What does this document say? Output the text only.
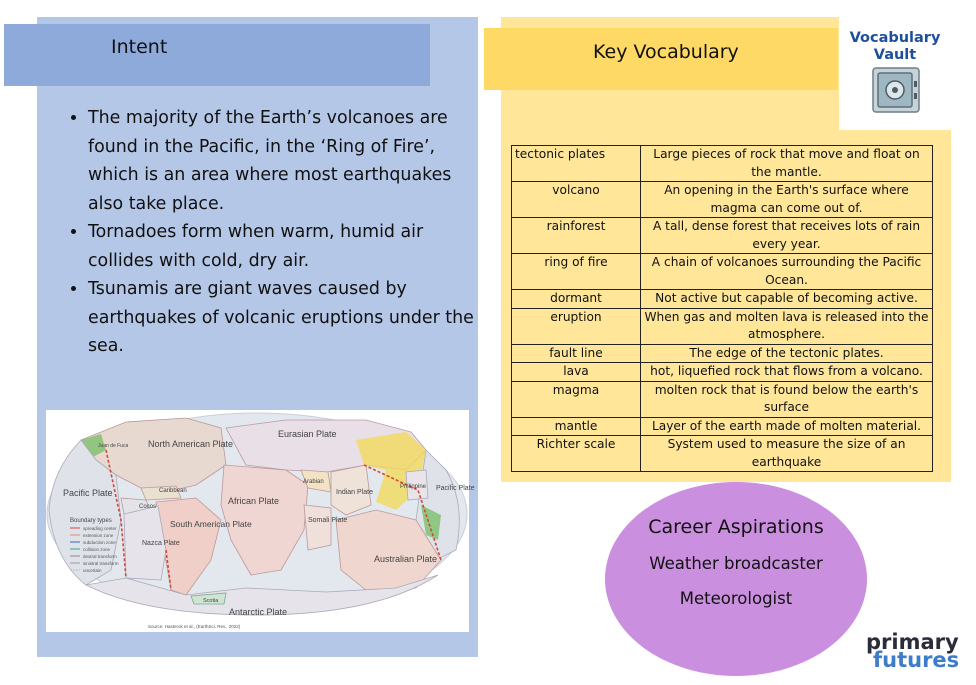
Intent
• The majority of the Earth’s volcanoes are found in the Pacific, in the ‘Ring of Fire’, which is an area where most earthquakes also take place.
• Tornadoes form when warm, humid air collides with cold, dry air.
• Tsunamis are giant waves caused by earthquakes of volcanic eruptions under the sea.
North American Plate
Eurasian Plate
Pacific Plate
African Plate
South American Plate
Nazca Plate
Cocos
Caribbean
Arabian
Indian Plate
Philippine Pacific Plate
Somali Plate
Australian Plate
Antarctic Plate
Scotia
Juan de Fuca
Boundary types
spreading center
extension zone
subduction zone
collision zone
dextral transform
sinistral transform
uncertain
Source: Hasterok et al., (EarthSci. Rev., 2022)
Key Vocabulary
Vocabulary Vault
tectonic plates	Large pieces of rock that move and float on the mantle.
volcano	An opening in the Earth's surface where magma can come out of.
rainforest	A tall, dense forest that receives lots of rain every year.
ring of fire	A chain of volcanoes surrounding the Pacific Ocean.
dormant	Not active but capable of becoming active.
eruption	When gas and molten lava is released into the atmosphere.
fault line	The edge of the tectonic plates.
lava	hot, liquefied rock that flows from a volcano.
magma	molten rock that is found below the earth's surface
mantle	Layer of the earth made of molten material.
Richter scale	System used to measure the size of an earthquake
Career Aspirations
Weather broadcaster
Meteorologist
primary
futures
